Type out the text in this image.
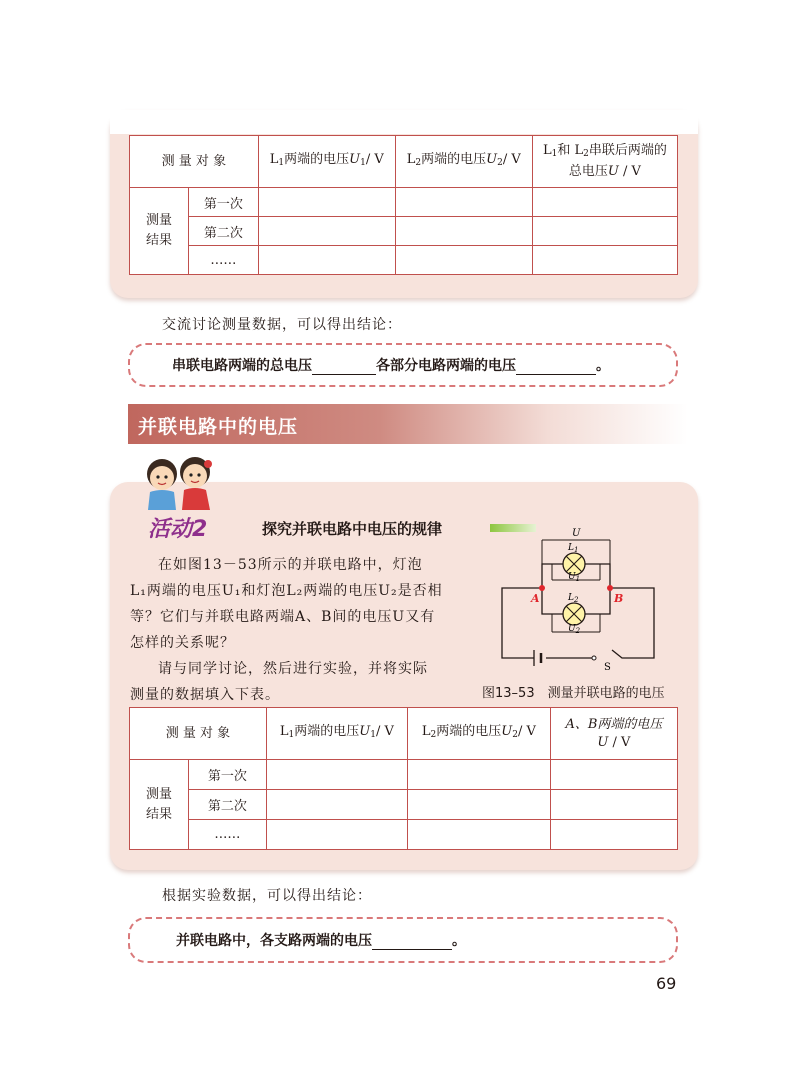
测 量 对 象		$L_1$两端的电压$U_1/$ V	$L_2$两端的电压$U_2/$ V	$L_1$和 $L_2$串联后两端的
总电压U / V

测量
结果	第一次			
	第二次			
	……			
交流讨论测量数据，可以得出结论：
串联电路两端的总电压	各部分电路两端的电压	。
并联电路中的电压
活动2	探究并联电路中电压的规律
在如图13－53所示的并联电路中，灯泡
L₁两端的电压U₁和灯泡L₂两端的电压U₂是否相
等？它们与并联电路两端A、B间的电压U又有
怎样的关系呢？
请与同学讨论，然后进行实验，并将实际
测量的数据填入下表。
U
$L_1$
$U_1$
$L_2$
$U_2$
A	B
S
图13–53　测量并联电路的电压
测 量 对 象		$L_1$两端的电压$U_1/$ V	$L_2$两端的电压$U_2/$ V	A、B两端的电压
U / V

测量
结果	第一次			
	第二次			
	……			
根据实验数据，可以得出结论：
并联电路中，各支路两端的电压	。
69
